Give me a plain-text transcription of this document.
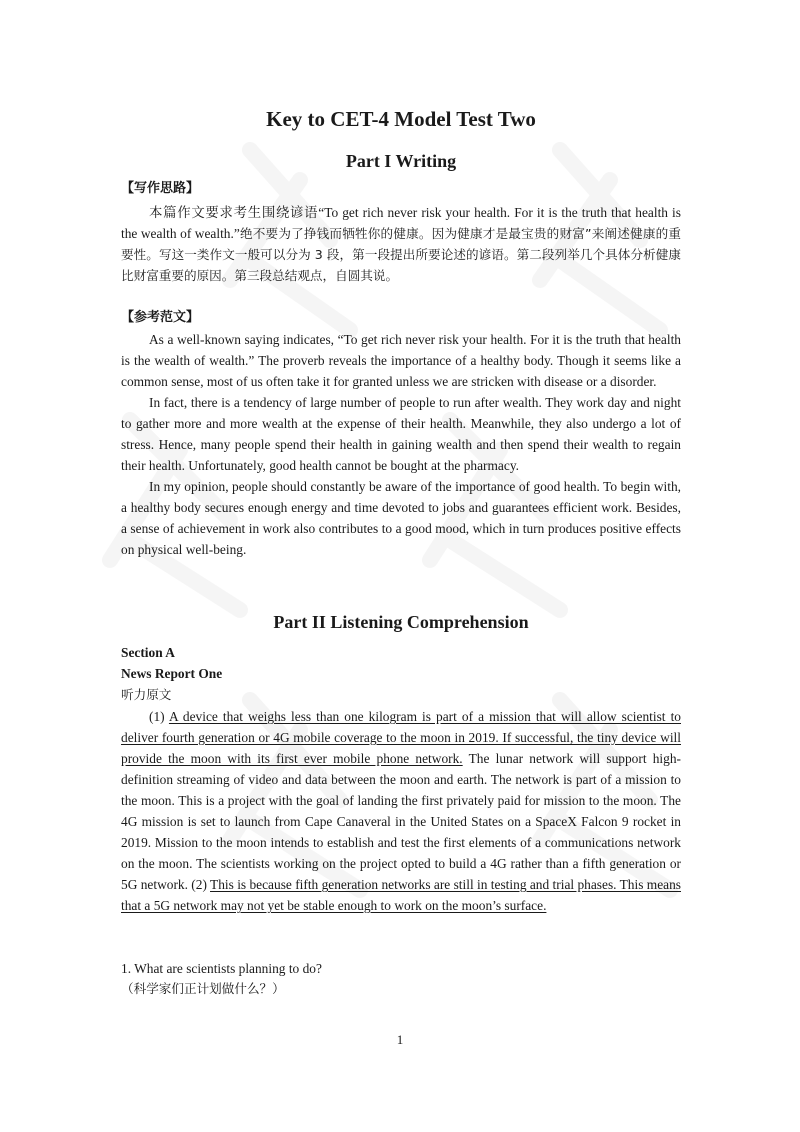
Key to CET-4 Model Test Two
Part I Writing
【写作思路】

本篇作文要求考生围绕谚语“To get rich never risk your health. For it is the truth that health is the wealth of wealth.”绝不要为了挣钱而牺牲你的健康。因为健康才是最宝贵的财富”来阐述健康的重要性。写这一类作文一般可以分为 3 段，第一段提出所要论述的谚语。第二段列举几个具体分析健康比财富重要的原因。第三段总结观点，自圆其说。

【参考范文】

As a well-known saying indicates, “To get rich never risk your health. For it is the truth that health is the wealth of wealth.” The proverb reveals the importance of a healthy body. Though it seems like a common sense, most of us often take it for granted unless we are stricken with disease or a disorder.

In fact, there is a tendency of large number of people to run after wealth. They work day and night to gather more and more wealth at the expense of their health. Meanwhile, they also undergo a lot of stress. Hence, many people spend their health in gaining wealth and then spend their wealth to regain their health. Unfortunately, good health cannot be bought at the pharmacy.

In my opinion, people should constantly be aware of the importance of good health. To begin with, a healthy body secures enough energy and time devoted to jobs and guarantees efficient work. Besides, a sense of achievement in work also contributes to a good mood, which in turn produces positive effects on physical well-being.

Part II Listening Comprehension
Section A
News Report One
听力原文

(1) A device that weighs less than one kilogram is part of a mission that will allow scientist to deliver fourth generation or 4G mobile coverage to the moon in 2019. If successful, the tiny device will provide the moon with its first ever mobile phone network. The lunar network will support high-definition streaming of video and data between the moon and earth. The network is part of a mission to the moon. This is a project with the goal of landing the first privately paid for mission to the moon. The 4G mission is set to launch from Cape Canaveral in the United States on a SpaceX Falcon 9 rocket in 2019. Mission to the moon intends to establish and test the first elements of a communications network on the moon. The scientists working on the project opted to build a 4G rather than a fifth generation or 5G network. (2) This is because fifth generation networks are still in testing and trial phases. This means that a 5G network may not yet be stable enough to work on the moon’s surface.

1. What are scientists planning to do?
（科学家们正计划做什么？）
1
